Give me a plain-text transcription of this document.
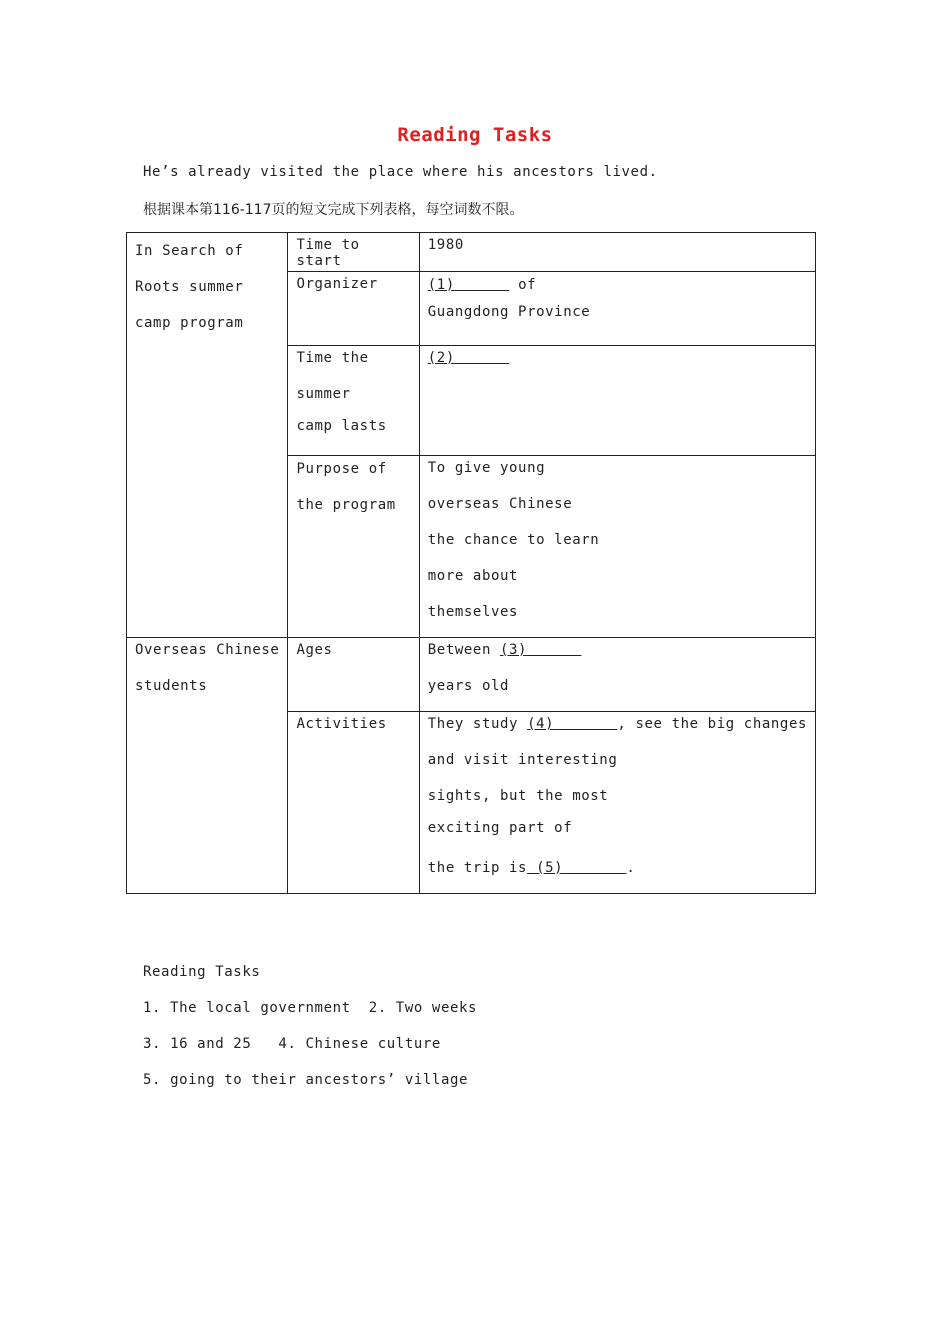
Reading Tasks
He’s already visited the place where his ancestors lived.
根据课本第116-117页的短文完成下列表格，每空词数不限。
In Search of
Roots summer
camp program	Time to start	1980
	Organizer	(1) of
Guangdong Province

	Time the
summer
camp lasts	(2)

	Purpose of
the program	To give young
overseas Chinese
the chance to learn
more about
themselves

Overseas Chinese
students	Ages	Between (3)
years old

	Activities	They study (4) , see the big changes
and visit interesting
sights, but the most
exciting part of
the trip is (5) .
Reading Tasks
1. The local government  2. Two weeks
3. 16 and 25   4. Chinese culture
5. going to their ancestors’ village
